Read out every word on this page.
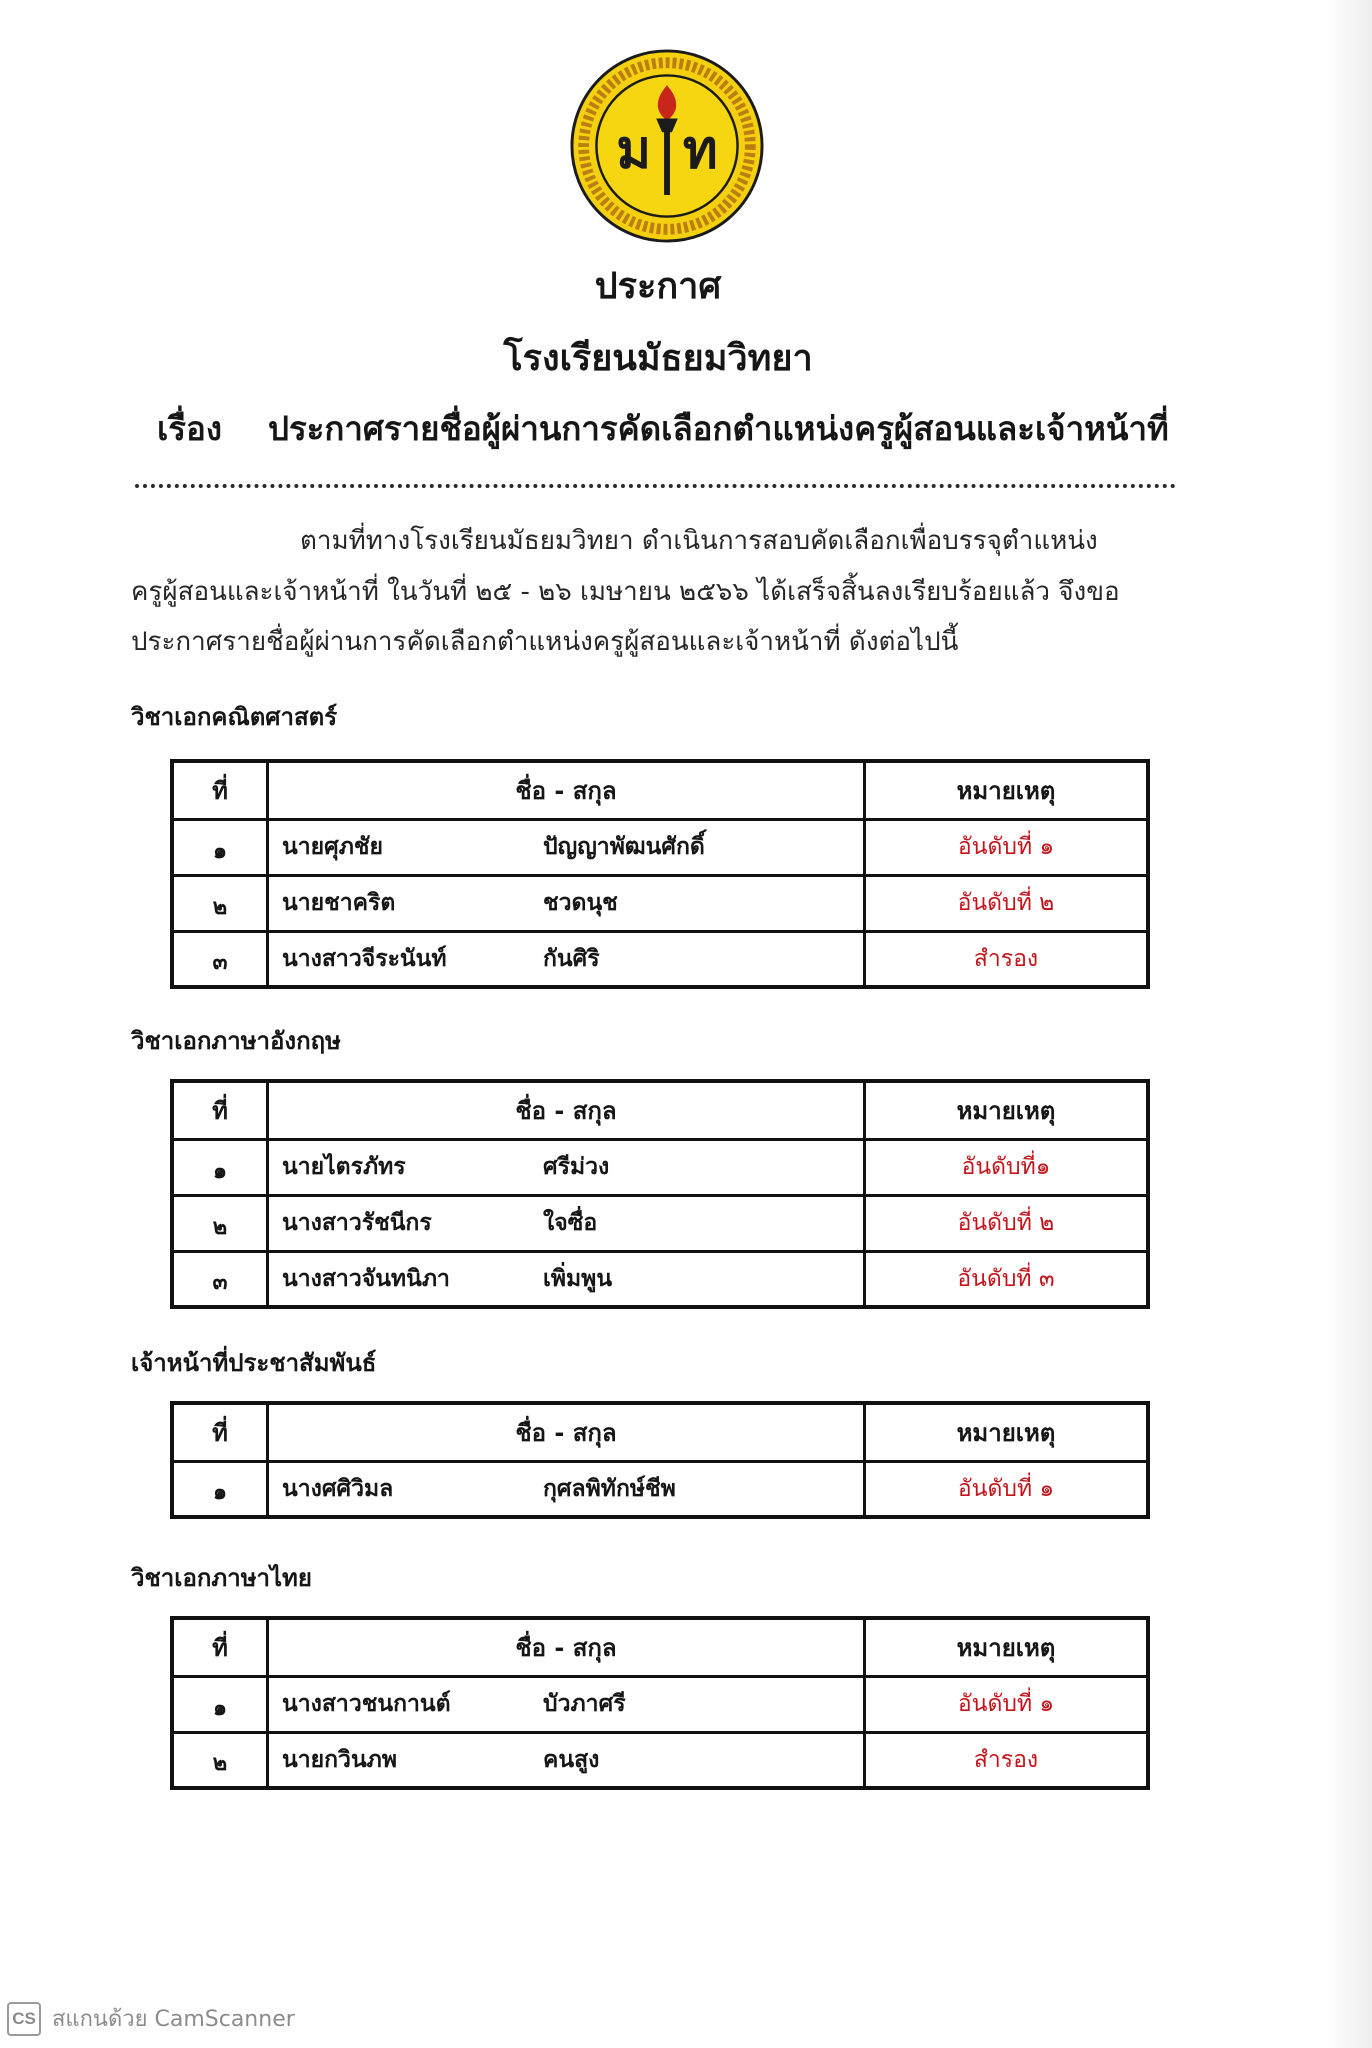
ม ท
ประกาศ
โรงเรียนมัธยมวิทยา
เรื่อง ประกาศรายชื่อผู้ผ่านการคัดเลือกตำแหน่งครูผู้สอนและเจ้าหน้าที่
ตามที่ทางโรงเรียนมัธยมวิทยา ดำเนินการสอบคัดเลือกเพื่อบรรจุตำแหน่ง
ครูผู้สอนและเจ้าหน้าที่ ในวันที่ ๒๕ - ๒๖ เมษายน ๒๕๖๖ ได้เสร็จสิ้นลงเรียบร้อยแล้ว จึงขอ
ประกาศรายชื่อผู้ผ่านการคัดเลือกตำแหน่งครูผู้สอนและเจ้าหน้าที่ ดังต่อไปนี้
วิชาเอกคณิตศาสตร์
ที่	ชื่อ - สกุล	หมายเหตุ
๑	นายศุภชัย ปัญญาพัฒนศักดิ์	อันดับที่ ๑
๒	นายชาคริต ชวดนุช	อันดับที่ ๒
๓	นางสาวจีระนันท์ กันศิริ	สำรอง
วิชาเอกภาษาอังกฤษ
ที่	ชื่อ - สกุล	หมายเหตุ
๑	นายไตรภัทร ศรีม่วง	อันดับที่๑
๒	นางสาวรัชนีกร ใจซื่อ	อันดับที่ ๒
๓	นางสาวจันทนิภา เพิ่มพูน	อันดับที่ ๓
เจ้าหน้าที่ประชาสัมพันธ์
ที่	ชื่อ - สกุล	หมายเหตุ
๑	นางศศิวิมล กุศลพิทักษ์ชีพ	อันดับที่ ๑
วิชาเอกภาษาไทย
ที่	ชื่อ - สกุล	หมายเหตุ
๑	นางสาวชนกานต์ บัวภาศรี	อันดับที่ ๑
๒	นายกวินภพ คนสูง	สำรอง
CS สแกนด้วย CamScanner
